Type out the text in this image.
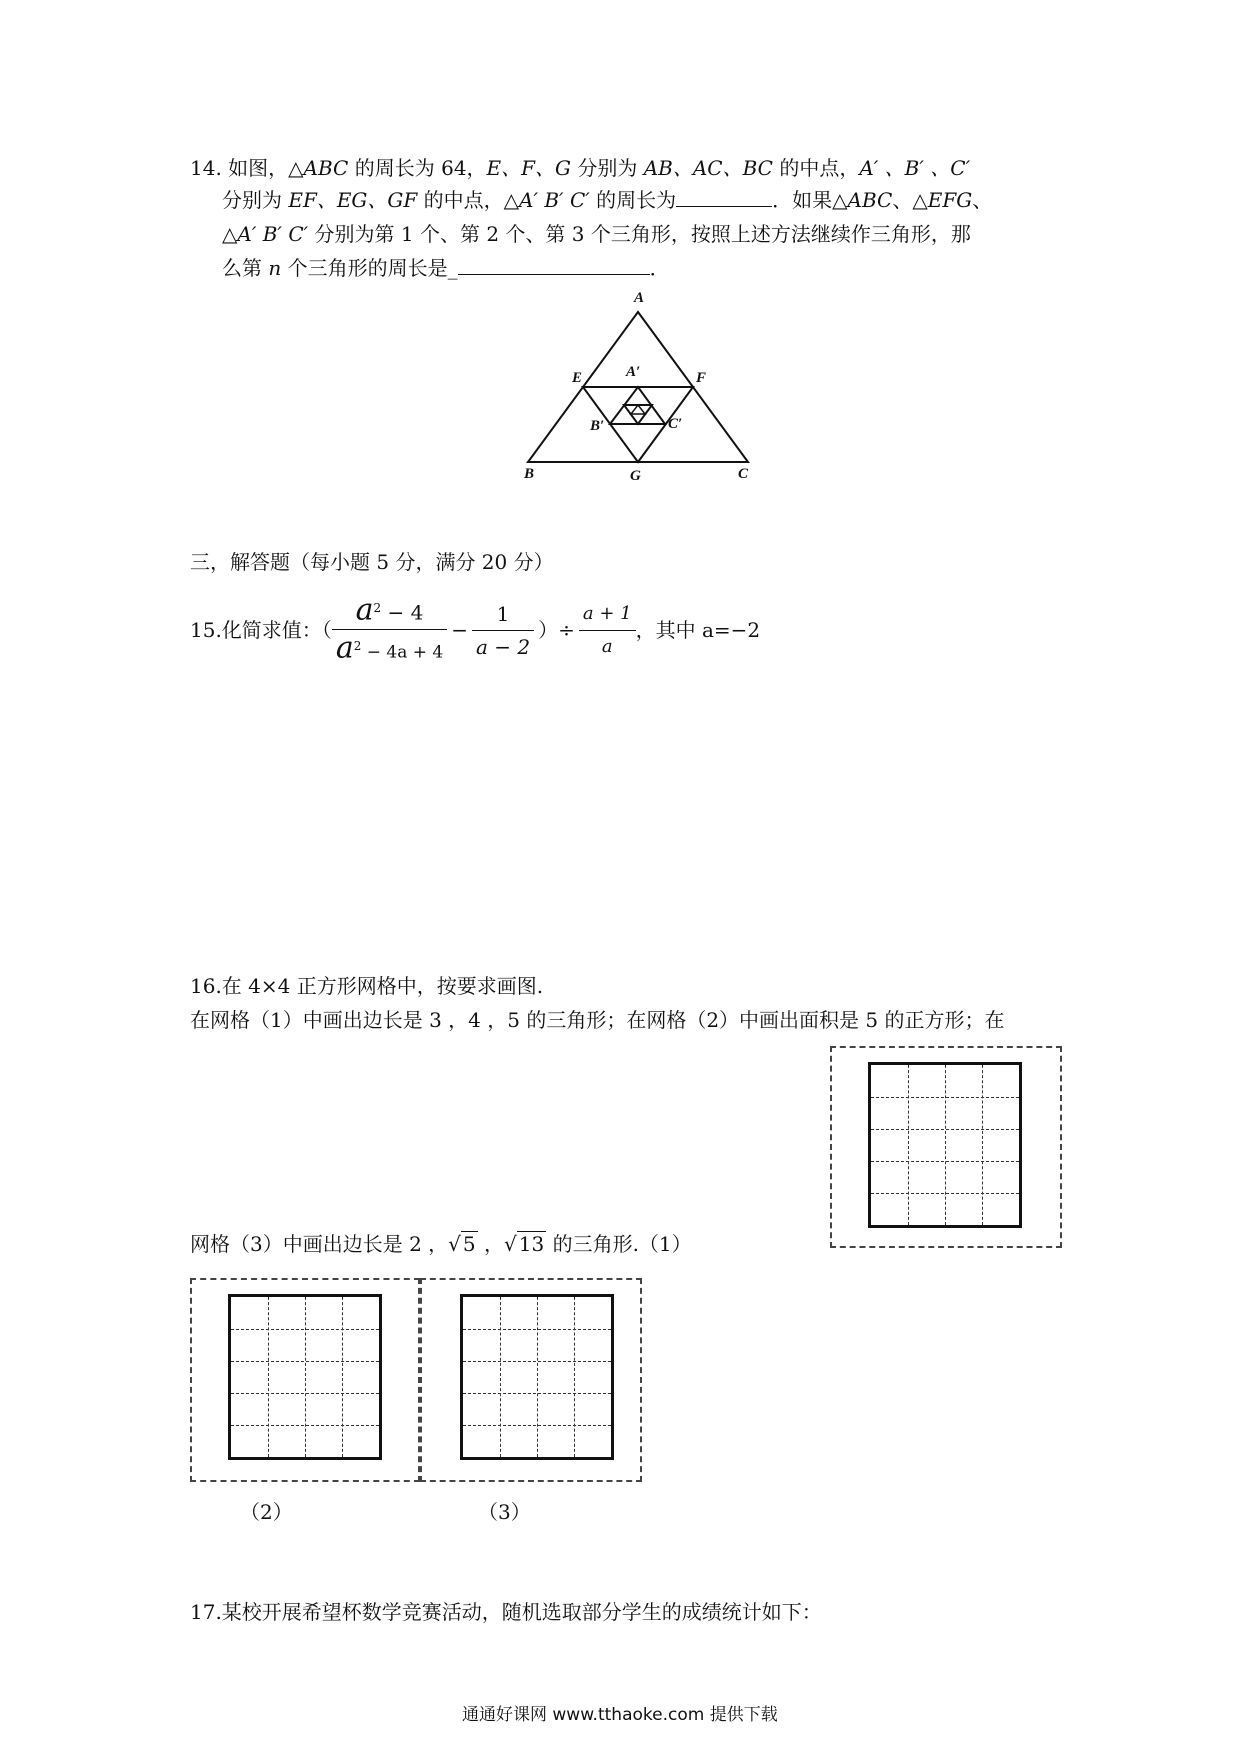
14. 如图，△ABC 的周长为 64，E、F、G 分别为 AB、AC、BC 的中点，A′ 、B′ 、C′
分别为 EF、EG、GF 的中点，△A′ B′ C′ 的周长为	．如果△ABC、△EFG、
△A′ B′ C′ 分别为第 1 个、第 2 个、第 3 个三角形，按照上述方法继续作三角形，那
么第 n 个三角形的周长是_	．
A
E	F
A′
B′	C′
B	G	C
三，解答题（每小题 5 分，满分 20 分）
15.化简求值：（ $\frac{a^2 - 4}{a^2 - 4a + 4} - \frac{1}{a - 2}$ ）÷ $\frac{a + 1}{a}$ ，其中 a=−2
16.在 4×4 正方形网格中，按要求画图.
在网格（1）中画出边长是 3 ，4 ，5 的三角形；在网格（2）中画出面积是 5 的正方形；在
网格（3）中画出边长是 2 ，√ 5 ，√ 13 的三角形.（1）
（2）	（3）
17.某校开展希望杯数学竞赛活动，随机选取部分学生的成绩统计如下：
通通好课网 www.tthaoke.com 提供下载
